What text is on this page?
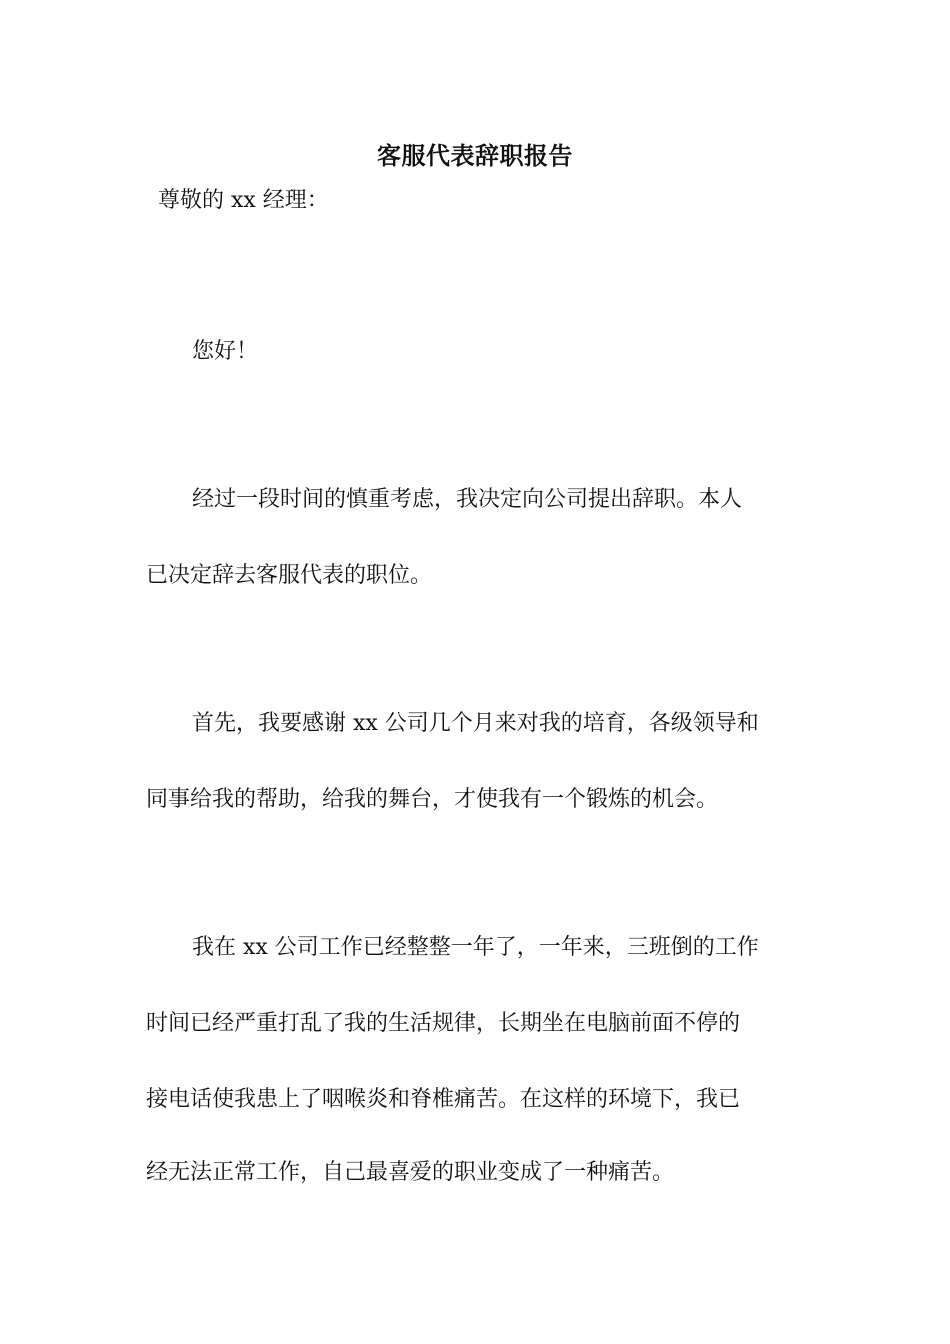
客服代表辞职报告
尊敬的 xx 经理：
您好！
经过一段时间的慎重考虑，我决定向公司提出辞职。本人
已决定辞去客服代表的职位。
首先，我要感谢 xx 公司几个月来对我的培育，各级领导和
同事给我的帮助，给我的舞台，才使我有一个锻炼的机会。
我在 xx 公司工作已经整整一年了，一年来，三班倒的工作
时间已经严重打乱了我的生活规律，长期坐在电脑前面不停的
接电话使我患上了咽喉炎和脊椎痛苦。在这样的环境下，我已
经无法正常工作，自己最喜爱的职业变成了一种痛苦。
